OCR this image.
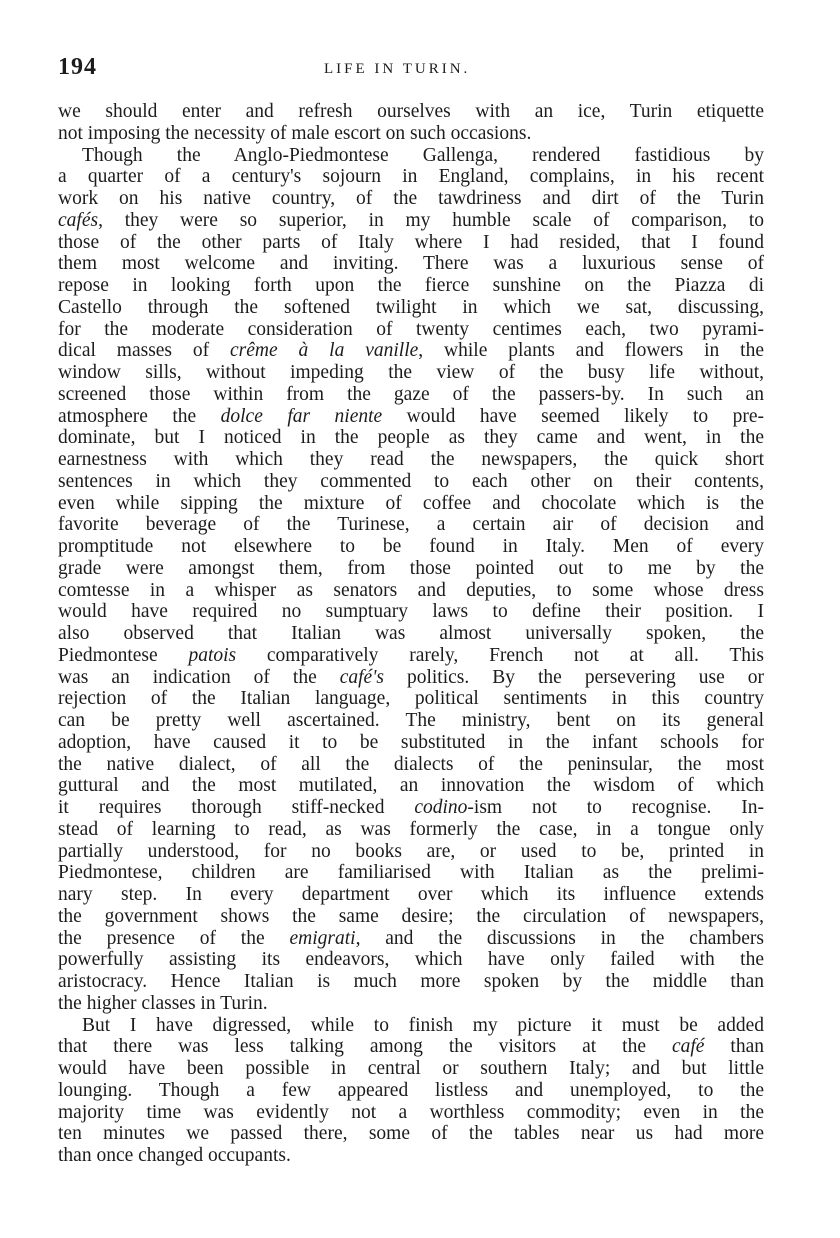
194	LIFE IN TURIN.
we should enter and refresh ourselves with an ice, Turin etiquette
not imposing the necessity of male escort on such occasions.
Though the Anglo-Piedmontese Gallenga, rendered fastidious by
a quarter of a century's sojourn in England, complains, in his recent
work on his native country, of the tawdriness and dirt of the Turin
cafés, they were so superior, in my humble scale of comparison, to
those of the other parts of Italy where I had resided, that I found
them most welcome and inviting. There was a luxurious sense of
repose in looking forth upon the fierce sunshine on the Piazza di
Castello through the softened twilight in which we sat, discussing,
for the moderate consideration of twenty centimes each, two pyrami-
dical masses of crême à la vanille, while plants and flowers in the
window sills, without impeding the view of the busy life without,
screened those within from the gaze of the passers-by. In such an
atmosphere the dolce far niente would have seemed likely to pre-
dominate, but I noticed in the people as they came and went, in the
earnestness with which they read the newspapers, the quick short
sentences in which they commented to each other on their contents,
even while sipping the mixture of coffee and chocolate which is the
favorite beverage of the Turinese, a certain air of decision and
promptitude not elsewhere to be found in Italy. Men of every
grade were amongst them, from those pointed out to me by the
comtesse in a whisper as senators and deputies, to some whose dress
would have required no sumptuary laws to define their position. I
also observed that Italian was almost universally spoken, the
Piedmontese patois comparatively rarely, French not at all. This
was an indication of the café's politics. By the persevering use or
rejection of the Italian language, political sentiments in this country
can be pretty well ascertained. The ministry, bent on its general
adoption, have caused it to be substituted in the infant schools for
the native dialect, of all the dialects of the peninsular, the most
guttural and the most mutilated, an innovation the wisdom of which
it requires thorough stiff-necked codino-ism not to recognise. In-
stead of learning to read, as was formerly the case, in a tongue only
partially understood, for no books are, or used to be, printed in
Piedmontese, children are familiarised with Italian as the prelimi-
nary step. In every department over which its influence extends
the government shows the same desire; the circulation of newspapers,
the presence of the emigrati, and the discussions in the chambers
powerfully assisting its endeavors, which have only failed with the
aristocracy. Hence Italian is much more spoken by the middle than
the higher classes in Turin.
But I have digressed, while to finish my picture it must be added
that there was less talking among the visitors at the café than
would have been possible in central or southern Italy; and but little
lounging. Though a few appeared listless and unemployed, to the
majority time was evidently not a worthless commodity; even in the
ten minutes we passed there, some of the tables near us had more
than once changed occupants.
